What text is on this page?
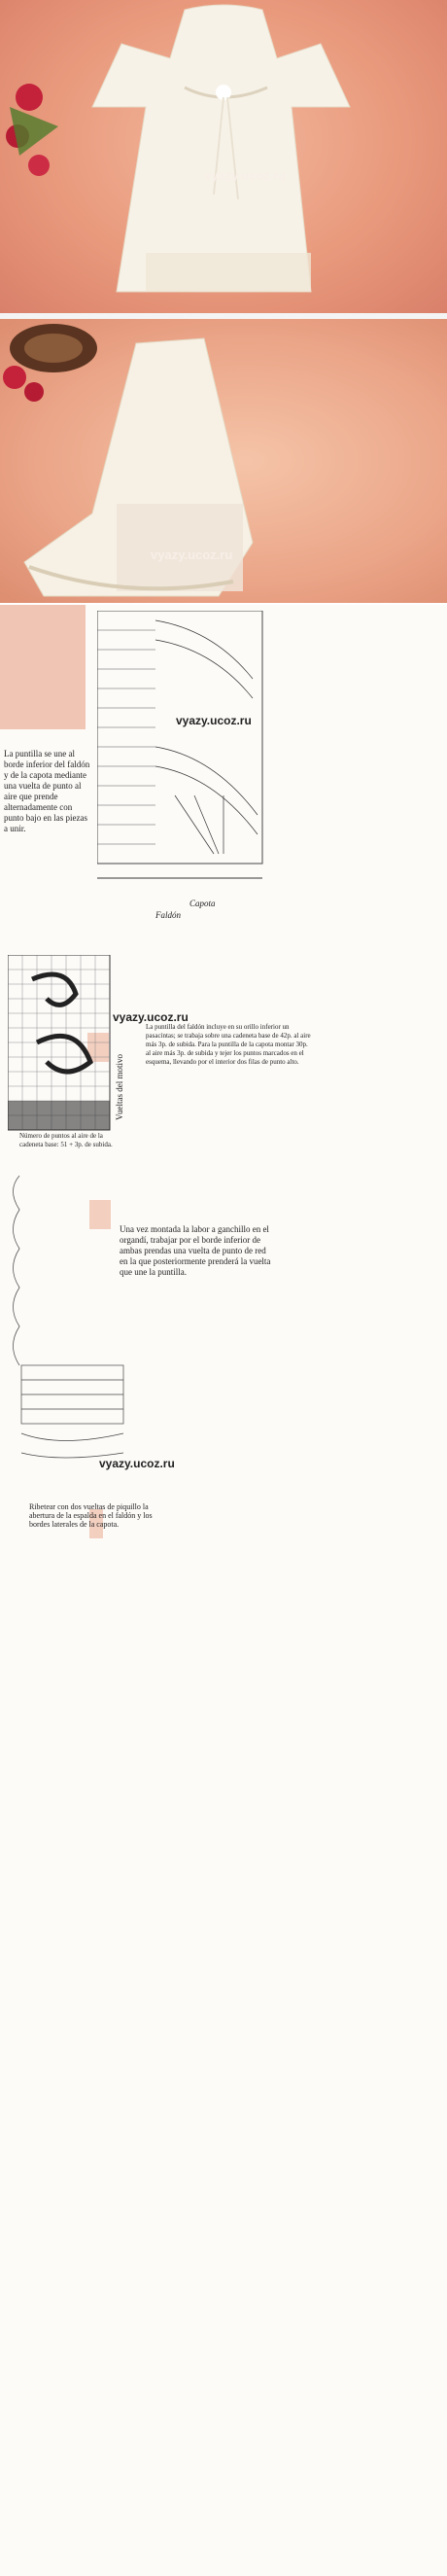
vyazy.ucoz.ru
vyazy.ucoz.ru
vyazy.ucoz.ru
La puntilla se une al borde inferior del faldón y de la capota mediante una vuelta de punto al aire que prende alternadamente con punto bajo en las piezas a unir.
Capota
Faldón
vyazy.ucoz.ru
Vueltas del motivo
La puntilla del faldón incluye en su orillo inferior un pasacintas; se trabaja sobre una cadeneta base de 42p. al aire más 3p. de subida. Para la puntilla de la capota montar 30p. al aire más 3p. de subida y tejer los puntos marcados en el esquema, llevando por el interior dos filas de punto alto.
Número de puntos al aire de la cadeneta base: 51 + 3p. de subida.
Una vez montada la labor a ganchillo en el organdí, trabajar por el borde inferior de ambas prendas una vuelta de punto de red en la que posteriormente prenderá la vuelta que une la puntilla.
vyazy.ucoz.ru
Ribetear con dos vueltas de piquillo la abertura de la espalda en el faldón y los bordes laterales de la capota.
